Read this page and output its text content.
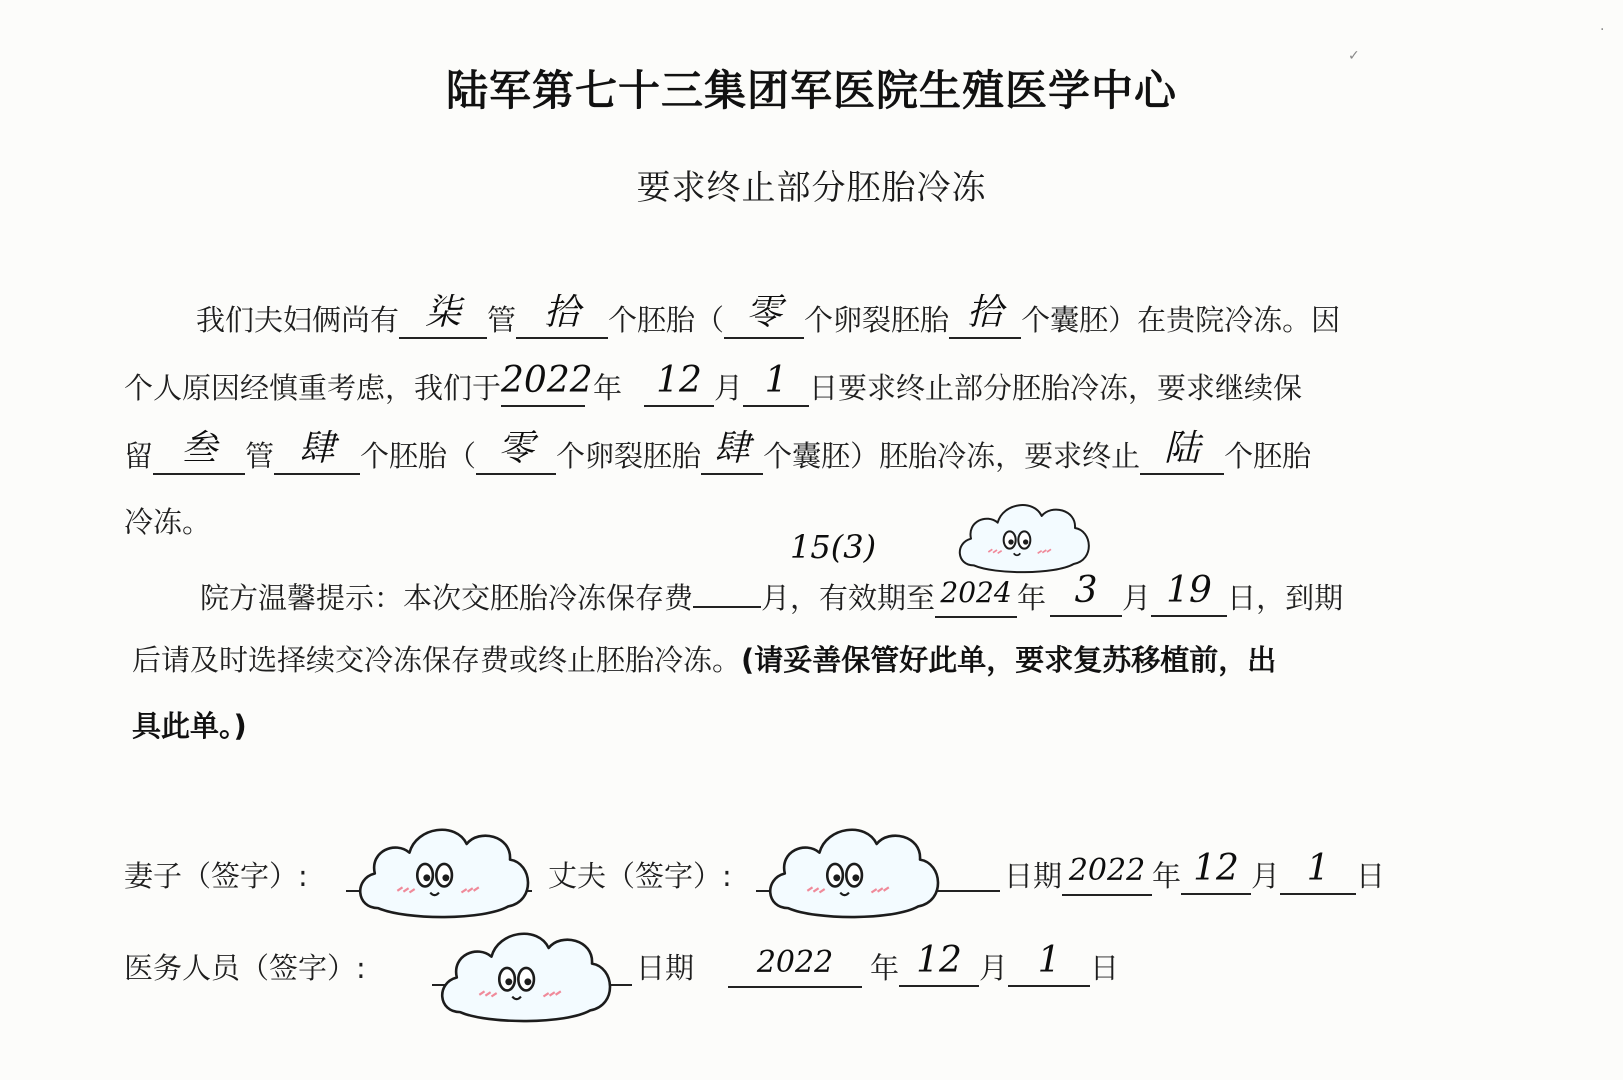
陆军第七十三集团军医院生殖医学中心
要求终止部分胚胎冷冻
我们夫妇俩尚有 柒 管 拾 个胚胎（ 零 个卵裂胚胎 拾 个囊胚）在贵院冷冻。因
个人原因经慎重考虑，我们于2022年 12 月 1 日要求终止部分胚胎冷冻，要求继续保
留 叁 管 肆 个胚胎（ 零 个卵裂胚胎 肆 个囊胚）胚胎冷冻，要求终止 陆 个胚胎
冷冻。
15(3)
院方温馨提示：本次交胚胎冷冻保存费 月，有效期至 2024 年 3 月 19 日，到期
后请及时选择续交冷冻保存费或终止胚胎冷冻。(请妥善保管好此单，要求复苏移植前，出
具此单。)
妻子（签字）:	丈夫（签字）:	日期 2022 年 12 月 1 日
医务人员（签字）:	日期 2022 年 12 月 1 日
✓
·
